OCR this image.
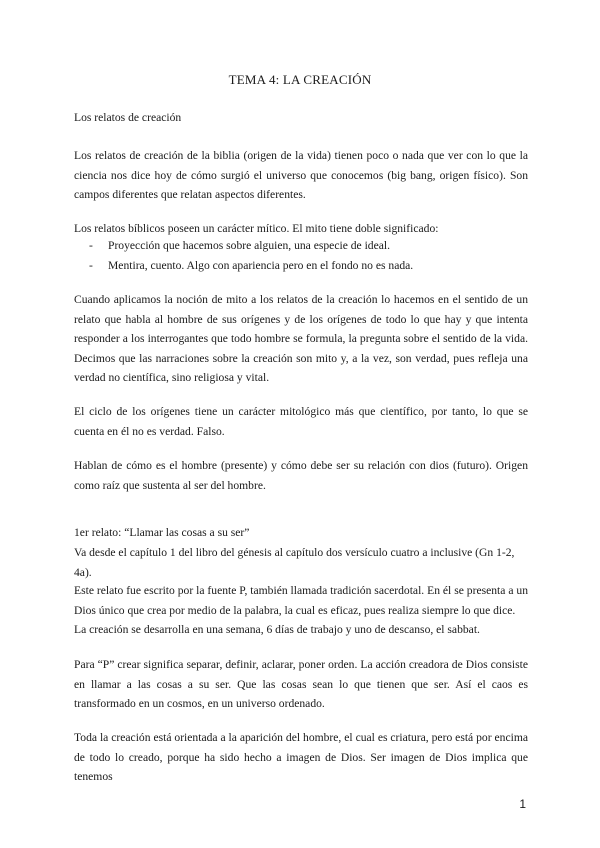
TEMA 4: LA CREACIÓN

Los relatos de creación

Los relatos de creación de la biblia (origen de la vida) tienen poco o nada que ver con lo que la ciencia nos dice hoy de cómo surgió el universo que conocemos (big bang, origen físico). Son campos diferentes que relatan aspectos diferentes.

Los relatos bíblicos poseen un carácter mítico. El mito tiene doble significado:

- Proyección que hacemos sobre alguien, una especie de ideal.
- Mentira, cuento. Algo con apariencia pero en el fondo no es nada.

Cuando aplicamos la noción de mito a los relatos de la creación lo hacemos en el sentido de un relato que habla al hombre de sus orígenes y de los orígenes de todo lo que hay y que intenta responder a los interrogantes que todo hombre se formula, la pregunta sobre el sentido de la vida. Decimos que las narraciones sobre la creación son mito y, a la vez, son verdad, pues refleja una verdad no científica, sino religiosa y vital.

El ciclo de los orígenes tiene un carácter mitológico más que científico, por tanto, lo que se cuenta en él no es verdad. Falso.

Hablan de cómo es el hombre (presente) y cómo debe ser su relación con dios (futuro). Origen como raíz que sustenta al ser del hombre.

1er relato: “Llamar las cosas a su ser”

Va desde el capítulo 1 del libro del génesis al capítulo dos versículo cuatro a inclusive (Gn 1-2, 4a).

Este relato fue escrito por la fuente P, también llamada tradición sacerdotal. En él se presenta a un Dios único que crea por medio de la palabra, la cual es eficaz, pues realiza siempre lo que dice.

La creación se desarrolla en una semana, 6 días de trabajo y uno de descanso, el sabbat.

Para “P” crear significa separar, definir, aclarar, poner orden. La acción creadora de Dios consiste en llamar a las cosas a su ser. Que las cosas sean lo que tienen que ser. Así el caos es transformado en un cosmos, en un universo ordenado.

Toda la creación está orientada a la aparición del hombre, el cual es criatura, pero está por encima de todo lo creado, porque ha sido hecho a imagen de Dios. Ser imagen de Dios implica que tenemos

1
